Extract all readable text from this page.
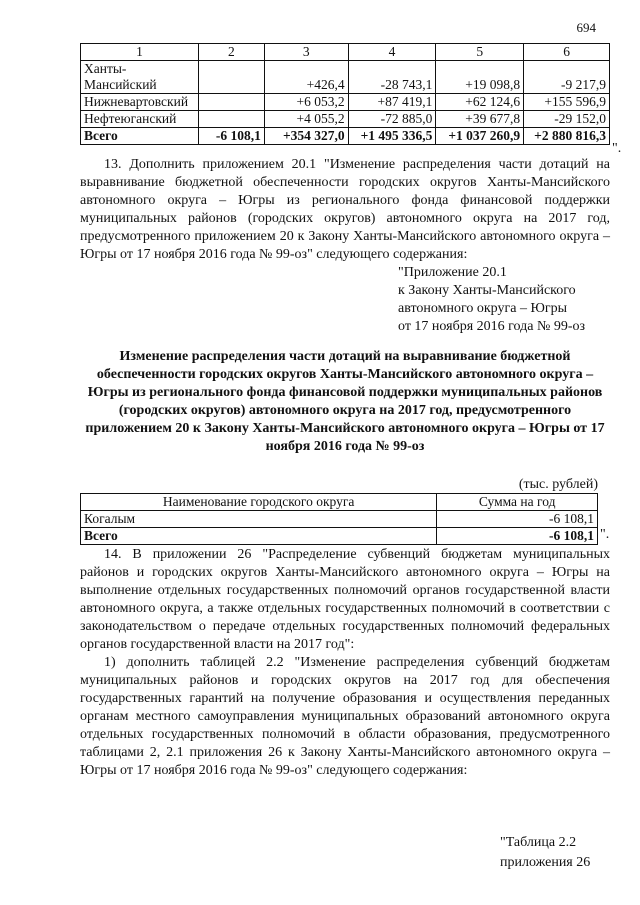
694
1	2	3	4	5	6
Ханты-Мансийский		+426,4	-28 743,1	+19 098,8	-9 217,9
Нижневартовский		+6 053,2	+87 419,1	+62 124,6	+155 596,9
Нефтеюганский		+4 055,2	-72 885,0	+39 677,8	-29 152,0
Всего	-6 108,1	+354 327,0	+1 495 336,5	+1 037 260,9	+2 880 816,3
".

13. Дополнить приложением 20.1 "Изменение распределения части дотаций на выравнивание бюджетной обеспеченности городских округов Ханты-Мансийского автономного округа – Югры из регионального фонда финансовой поддержки муниципальных районов (городских округов) автономного округа на 2017 год, предусмотренного приложением 20 к Закону Ханты-Мансийского автономного округа – Югры от 17 ноября 2016 года № 99-оз" следующего содержания:

"Приложение 20.1
к Закону Ханты-Мансийского
автономного округа – Югры
от 17 ноября 2016 года № 99-оз

Изменение распределения части дотаций на выравнивание бюджетной обеспеченности городских округов Ханты-Мансийского автономного округа – Югры из регионального фонда финансовой поддержки муниципальных районов (городских округов) автономного округа на 2017 год, предусмотренного приложением 20 к Закону Ханты-Мансийского автономного округа – Югры от 17 ноября 2016 года № 99-оз

(тыс. рублей)
Наименование городского округа	Сумма на год
Когалым	-6 108,1
Всего	-6 108,1 ".

14. В приложении 26 "Распределение субвенций бюджетам муниципальных районов и городских округов Ханты-Мансийского автономного округа – Югры на выполнение отдельных государственных полномочий органов государственной власти автономного округа, а также отдельных государственных полномочий в соответствии с законодательством о передаче отдельных государственных полномочий федеральных органов государственной власти на 2017 год":

1) дополнить таблицей 2.2 "Изменение распределения субвенций бюджетам муниципальных районов и городских округов на 2017 год для обеспечения государственных гарантий на получение образования и осуществления переданных органам местного самоуправления муниципальных образований автономного округа отдельных государственных полномочий в области образования, предусмотренного таблицами 2, 2.1 приложения 26 к Закону Ханты-Мансийского автономного округа – Югры от 17 ноября 2016 года № 99-оз" следующего содержания:

"Таблица 2.2
приложения 26
